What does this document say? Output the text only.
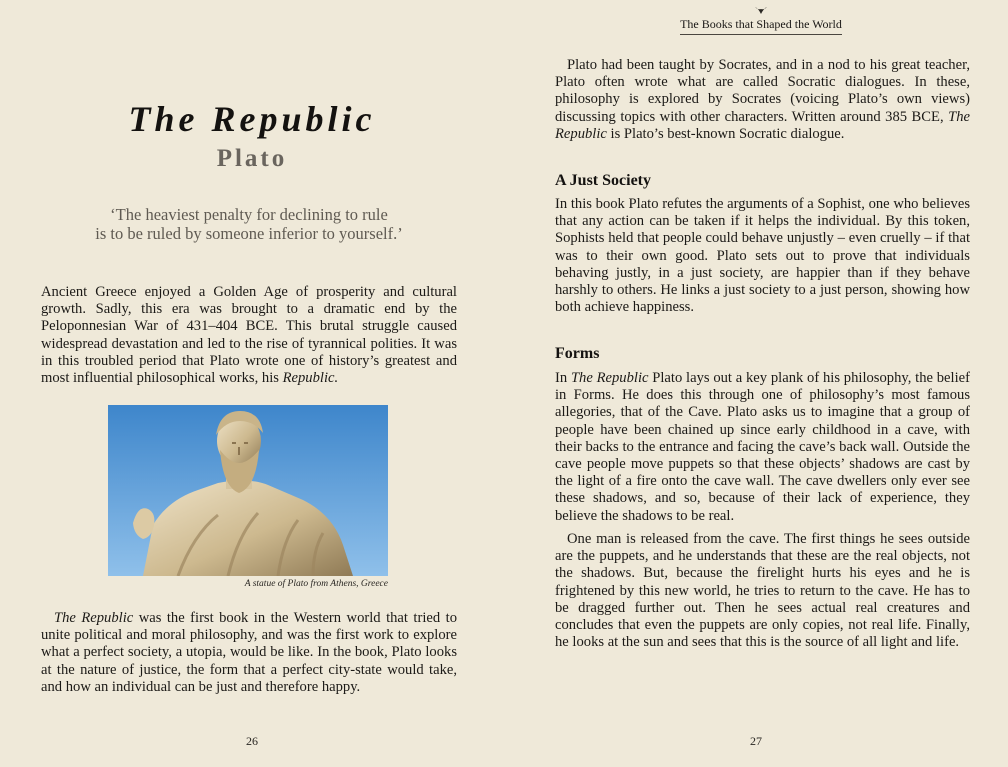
The Republic
Plato

‘The heaviest penalty for declining to rule
is to be ruled by someone inferior to yourself.’

Ancient Greece enjoyed a Golden Age of prosperity and cultural growth. Sadly, this era was brought to a dramatic end by the Peloponnesian War of 431–404 BCE. This brutal struggle caused widespread devastation and led to the rise of tyrannical polities. It was in this troubled period that Plato wrote one of history’s greatest and most influential philosophical works, his Republic.

A statue of Plato from Athens, Greece

The Republic was the first book in the Western world that tried to unite political and moral philosophy, and was the first work to explore what a perfect society, a utopia, would be like. In the book, Plato looks at the nature of justice, the form that a perfect city-state would take, and how an individual can be just and therefore happy.

26

The Books that Shaped the World

Plato had been taught by Socrates, and in a nod to his great teacher, Plato often wrote what are called Socratic dialogues. In these, philosophy is explored by Socrates (voicing Plato’s own views) discussing topics with other characters. Written around 385 BCE, The Republic is Plato’s best-known Socratic dialogue.

A Just Society

In this book Plato refutes the arguments of a Sophist, one who believes that any action can be taken if it helps the individual. By this token, Sophists held that people could behave unjustly – even cruelly – if that was to their own good. Plato sets out to prove that individuals behaving justly, in a just society, are happier than if they behave harshly to others. He links a just society to a just person, showing how both achieve happiness.

Forms

In The Republic Plato lays out a key plank of his philosophy, the belief in Forms. He does this through one of philosophy’s most famous allegories, that of the Cave. Plato asks us to imagine that a group of people have been chained up since early childhood in a cave, with their backs to the entrance and facing the cave’s back wall. Outside the cave people move puppets so that these objects’ shadows are cast by the light of a fire onto the cave wall. The cave dwellers only ever see these shadows, and so, because of their lack of experience, they believe the shadows to be real.

One man is released from the cave. The first things he sees outside are the puppets, and he understands that these are the real objects, not the shadows. But, because the firelight hurts his eyes and he is frightened by this new world, he tries to return to the cave. He has to be dragged further out. Then he sees actual real creatures and concludes that even the puppets are only copies, not real life. Finally, he looks at the sun and sees that this is the source of all light and life.

27
